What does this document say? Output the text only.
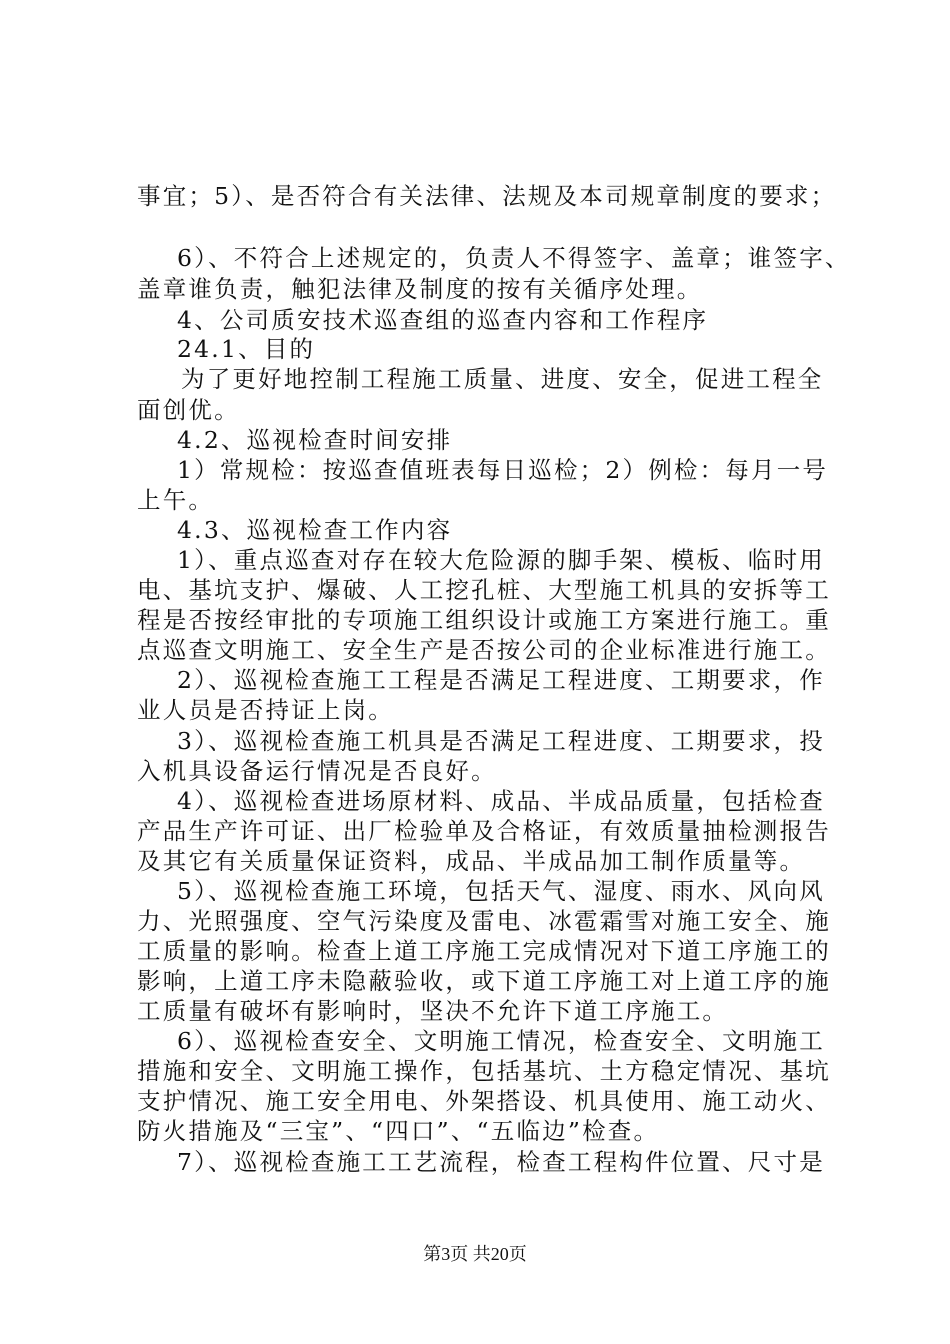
事宜；5）、是否符合有关法律、法规及本司规章制度的要求；
6）、不符合上述规定的，负责人不得签字、盖章；谁签字、
盖章谁负责，触犯法律及制度的按有关循序处理。
4、公司质安技术巡查组的巡查内容和工作程序
24.1、目的
为了更好地控制工程施工质量、进度、安全，促进工程全
面创优。
4.2、巡视检查时间安排
1）常规检：按巡查值班表每日巡检；2）例检：每月一号
上午。
4.3、巡视检查工作内容
1）、重点巡查对存在较大危险源的脚手架、模板、临时用
电、基坑支护、爆破、人工挖孔桩、大型施工机具的安拆等工
程是否按经审批的专项施工组织设计或施工方案进行施工。重
点巡查文明施工、安全生产是否按公司的企业标准进行施工。
2）、巡视检查施工工程是否满足工程进度、工期要求，作
业人员是否持证上岗。
3）、巡视检查施工机具是否满足工程进度、工期要求，投
入机具设备运行情况是否良好。
4）、巡视检查进场原材料、成品、半成品质量，包括检查
产品生产许可证、出厂检验单及合格证，有效质量抽检测报告
及其它有关质量保证资料，成品、半成品加工制作质量等。
5）、巡视检查施工环境，包括天气、湿度、雨水、风向风
力、光照强度、空气污染度及雷电、冰雹霜雪对施工安全、施
工质量的影响。检查上道工序施工完成情况对下道工序施工的
影响，上道工序未隐蔽验收，或下道工序施工对上道工序的施
工质量有破坏有影响时，坚决不允许下道工序施工。
6）、巡视检查安全、文明施工情况，检查安全、文明施工
措施和安全、文明施工操作，包括基坑、土方稳定情况、基坑
支护情况、施工安全用电、外架搭设、机具使用、施工动火、
防火措施及“三宝”、“四口”、“五临边”检查。
7）、巡视检查施工工艺流程，检查工程构件位置、尺寸是
第3页 共20页
